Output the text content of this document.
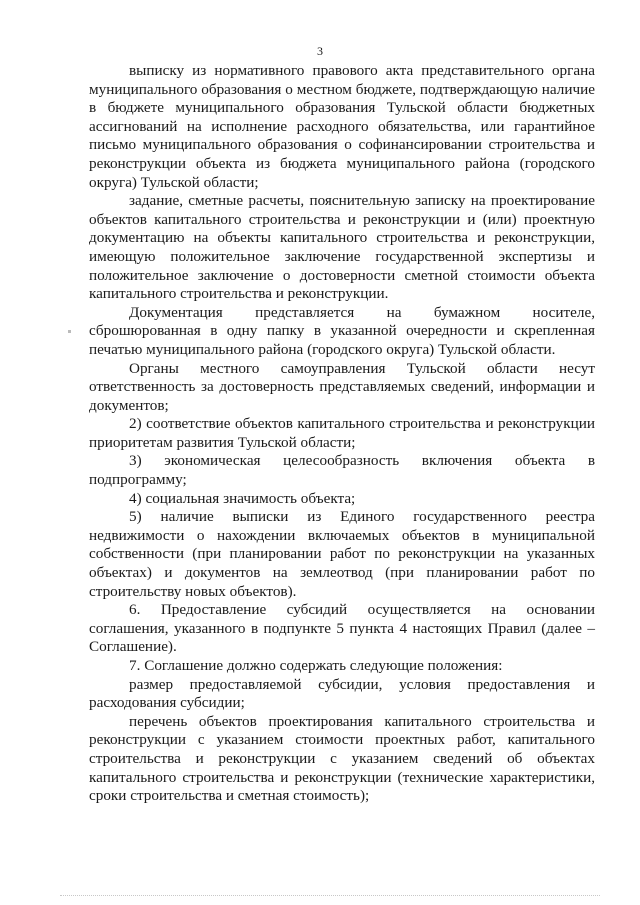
3

выписку из нормативного правового акта представительного органа муниципального образования о местном бюджете, подтверждающую наличие в бюджете муниципального образования Тульской области бюджетных ассигнований на исполнение расходного обязательства, или гарантийное письмо муниципального образования о софинансировании строительства и реконструкции объекта из бюджета муниципального района (городского округа) Тульской области;

задание, сметные расчеты, пояснительную записку на проектирование объектов капитального строительства и реконструкции и (или) проектную документацию на объекты капитального строительства и реконструкции, имеющую положительное заключение государственной экспертизы и положительное заключение о достоверности сметной стоимости объекта капитального строительства и реконструкции.

Документация представляется на бумажном носителе, сброшюрованная в одну папку в указанной очередности и скрепленная печатью муниципального района (городского округа) Тульской области.

Органы местного самоуправления Тульской области несут ответственность за достоверность представляемых сведений, информации и документов;

2) соответствие объектов капитального строительства и реконструкции приоритетам развития Тульской области;

3) экономическая целесообразность включения объекта в подпрограмму;

4) социальная значимость объекта;

5) наличие выписки из Единого государственного реестра недвижимости о нахождении включаемых объектов в муниципальной собственности (при планировании работ по реконструкции на указанных объектах) и документов на землеотвод (при планировании работ по строительству новых объектов).

6. Предоставление субсидий осуществляется на основании соглашения, указанного в подпункте 5 пункта 4 настоящих Правил (далее – Соглашение).

7. Соглашение должно содержать следующие положения:

размер предоставляемой субсидии, условия предоставления и расходования субсидии;

перечень объектов проектирования капитального строительства и реконструкции с указанием стоимости проектных работ, капитального строительства и реконструкции с указанием сведений об объектах капитального строительства и реконструкции (технические характеристики, сроки строительства и сметная стоимость);
